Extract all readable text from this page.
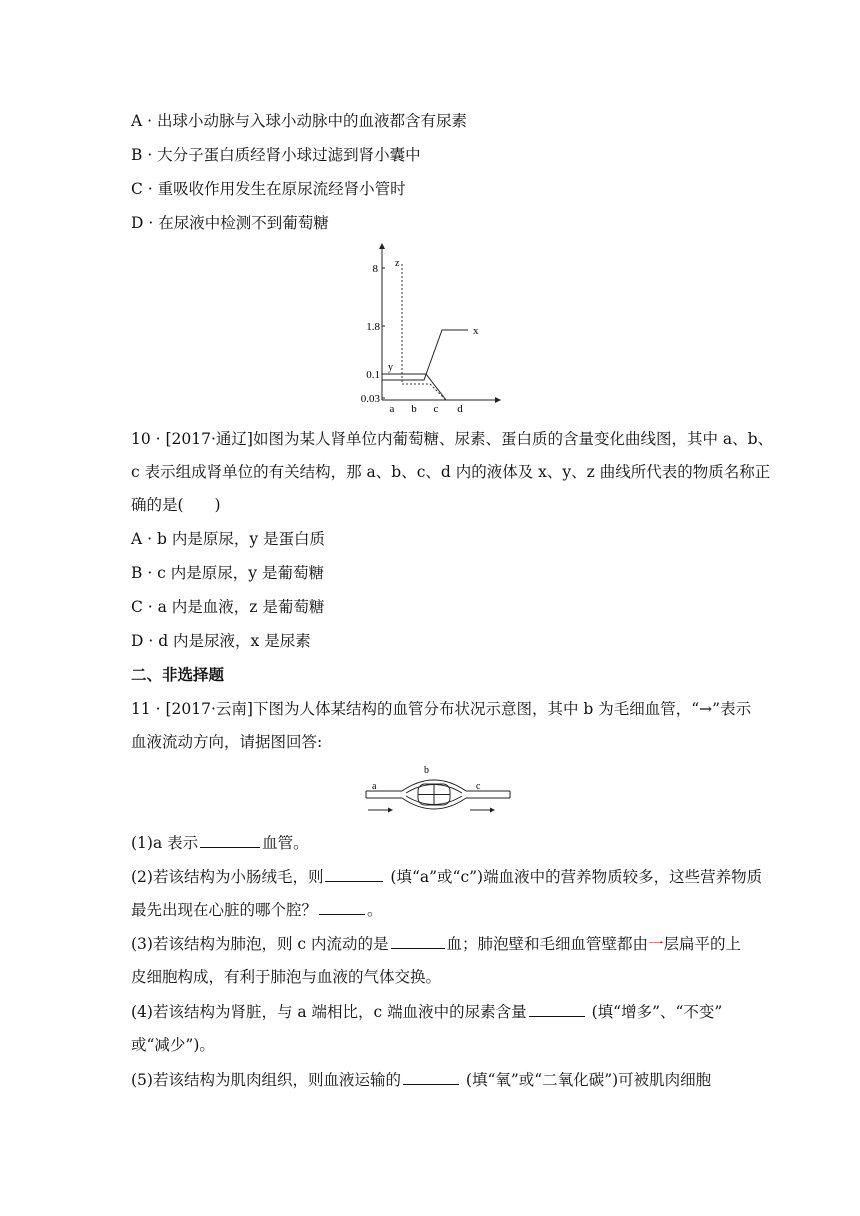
A · 出球小动脉与入球小动脉中的血液都含有尿素
B · 大分子蛋白质经肾小球过滤到肾小囊中
C · 重吸收作用发生在原尿流经肾小管时
D · 在尿液中检测不到葡萄糖
8
1.8
0.1
0.03
a b c d
z
x
y
10 · [2017·通辽]如图为某人肾单位内葡萄糖、尿素、蛋白质的含量变化曲线图，其中 a、b、
c 表示组成肾单位的有关结构，那 a、b、c、d 内的液体及 x、y、z 曲线所代表的物质名称正
确的是(　　)
A · b 内是原尿，y 是蛋白质
B · c 内是原尿，y 是葡萄糖
C · a 内是血液，z 是葡萄糖
D · d 内是尿液，x 是尿素
二、非选择题
11 · [2017·云南]下图为人体某结构的血管分布状况示意图，其中 b 为毛细血管，“→”表示
血液流动方向，请据图回答:
a
b
c
(1)a 表示	血管。
(2)若该结构为小肠绒毛，则	(填“a”或“c”)端血液中的营养物质较多，这些营养物质
最先出现在心脏的哪个腔？	。
(3)若该结构为肺泡，则 c 内流动的是	血；肺泡壁和毛细血管壁都由一层扁平的上
皮细胞构成，有利于肺泡与血液的气体交换。
(4)若该结构为肾脏，与 a 端相比，c 端血液中的尿素含量	(填“增多”、“不变”
或“减少”)。
(5)若该结构为肌肉组织，则血液运输的	(填“氧”或“二氧化碳”)可被肌肉细胞
